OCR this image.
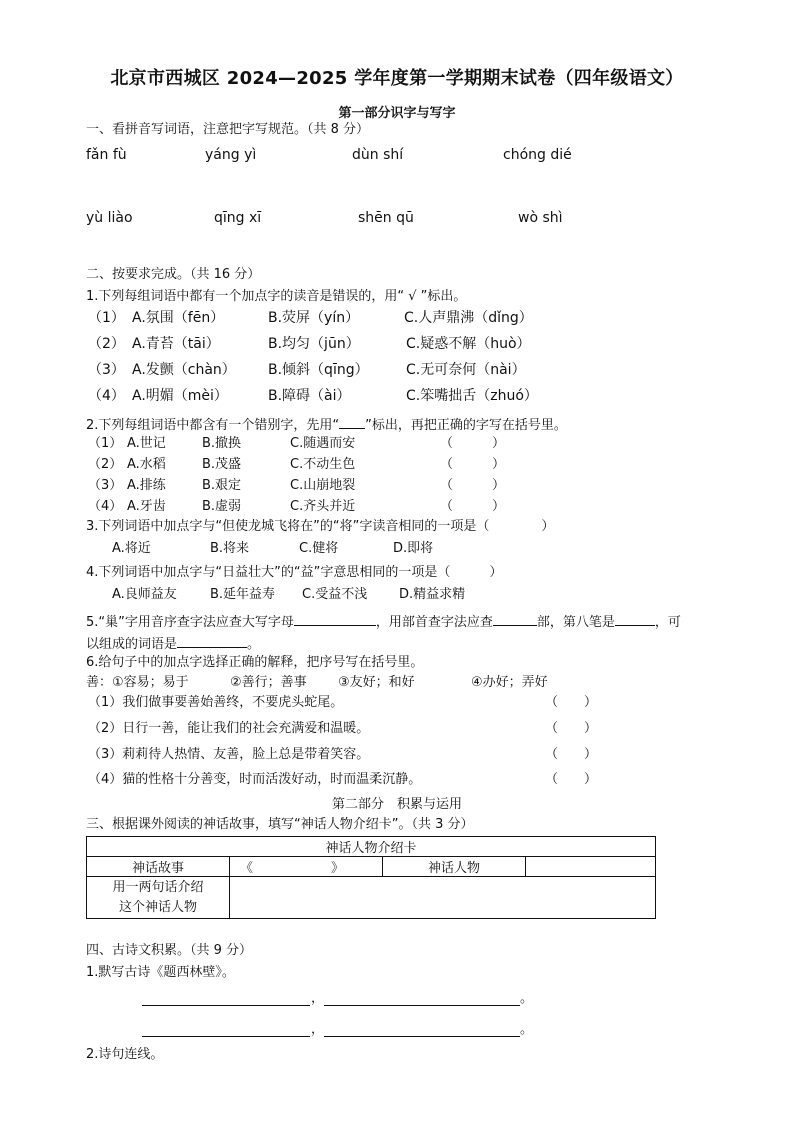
北京市西城区 2024—2025 学年度第一学期期末试卷（四年级语文）
第一部分识字与写字
一、看拼音写词语，注意把字写规范。（共 8 分）
fǎn fù	yáng yì	dùn shí	chóng dié
yù liào	qīng xī	shēn qū	wò shì
二、按要求完成。（共 16 分）
1.下列每组词语中都有一个加点字的读音是错误的，用“ √ ”标出。
（1） A.氛围（fēn）	B.荧屏（yín）	C.人声鼎沸（dǐng）
（2） A.青苔（tāi）	B.均匀（jūn）	C.疑惑不解（huò）
（3） A.发颤（chàn） B.倾斜（qīng）	C.无可奈何（nài）
（4） A.明媚（mèi）	B.障碍（ài）	C.笨嘴拙舌（zhuó）
2.下列每组词语中都含有一个错别字，先用“ ”标出，再把正确的字写在括号里。
（1） A.世记	B.撤换	C.随遇而安	（　　　）
（2） A.水稻	B.茂盛	C.不动生色	（　　　）
（3） A.排练	B.艰定	C.山崩地裂	（　　　）
（4） A.牙齿	B.虚弱	C.齐头并近	（　　　）
3.下列词语中加点字与“但使龙城飞将在”的“将”字读音相同的一项是（　　　　）
A.将近	B.将来	C.健将	D.即将
4.下列词语中加点字与“日益壮大”的“益”字意思相同的一项是（　　　）
A.良师益友	B.延年益寿 C.受益不浅 D.精益求精
5.“巢”字用音序查字法应查大写字母	，用部首查字法应查	部，第八笔是	，可
以组成的词语是	。
6.给句子中的加点字选择正确的解释，把序号写在括号里。
善：①容易；易于	②善行；善事 ③友好；和好	④办好；弄好
（1）我们做事要善始善终，不要虎头蛇尾。	（　　）
（2）日行一善，能让我们的社会充满爱和温暖。	（　　）
（3）莉莉待人热情、友善，脸上总是带着笑容。	（　　）
（4）猫的性格十分善变，时而活泼好动，时而温柔沉静。	（　　）
第二部分　积累与运用
三、根据课外阅读的神话故事，填写“神话人物介绍卡”。（共 3 分）
神话人物介绍卡			
神话故事	《　　　　　　》	神话人物	

用一两句话介绍
这个神话人物			

四、古诗文积累。（共 9 分）
1.默写古诗《题西林壁》。
，	。
，	。
2.诗句连线。
